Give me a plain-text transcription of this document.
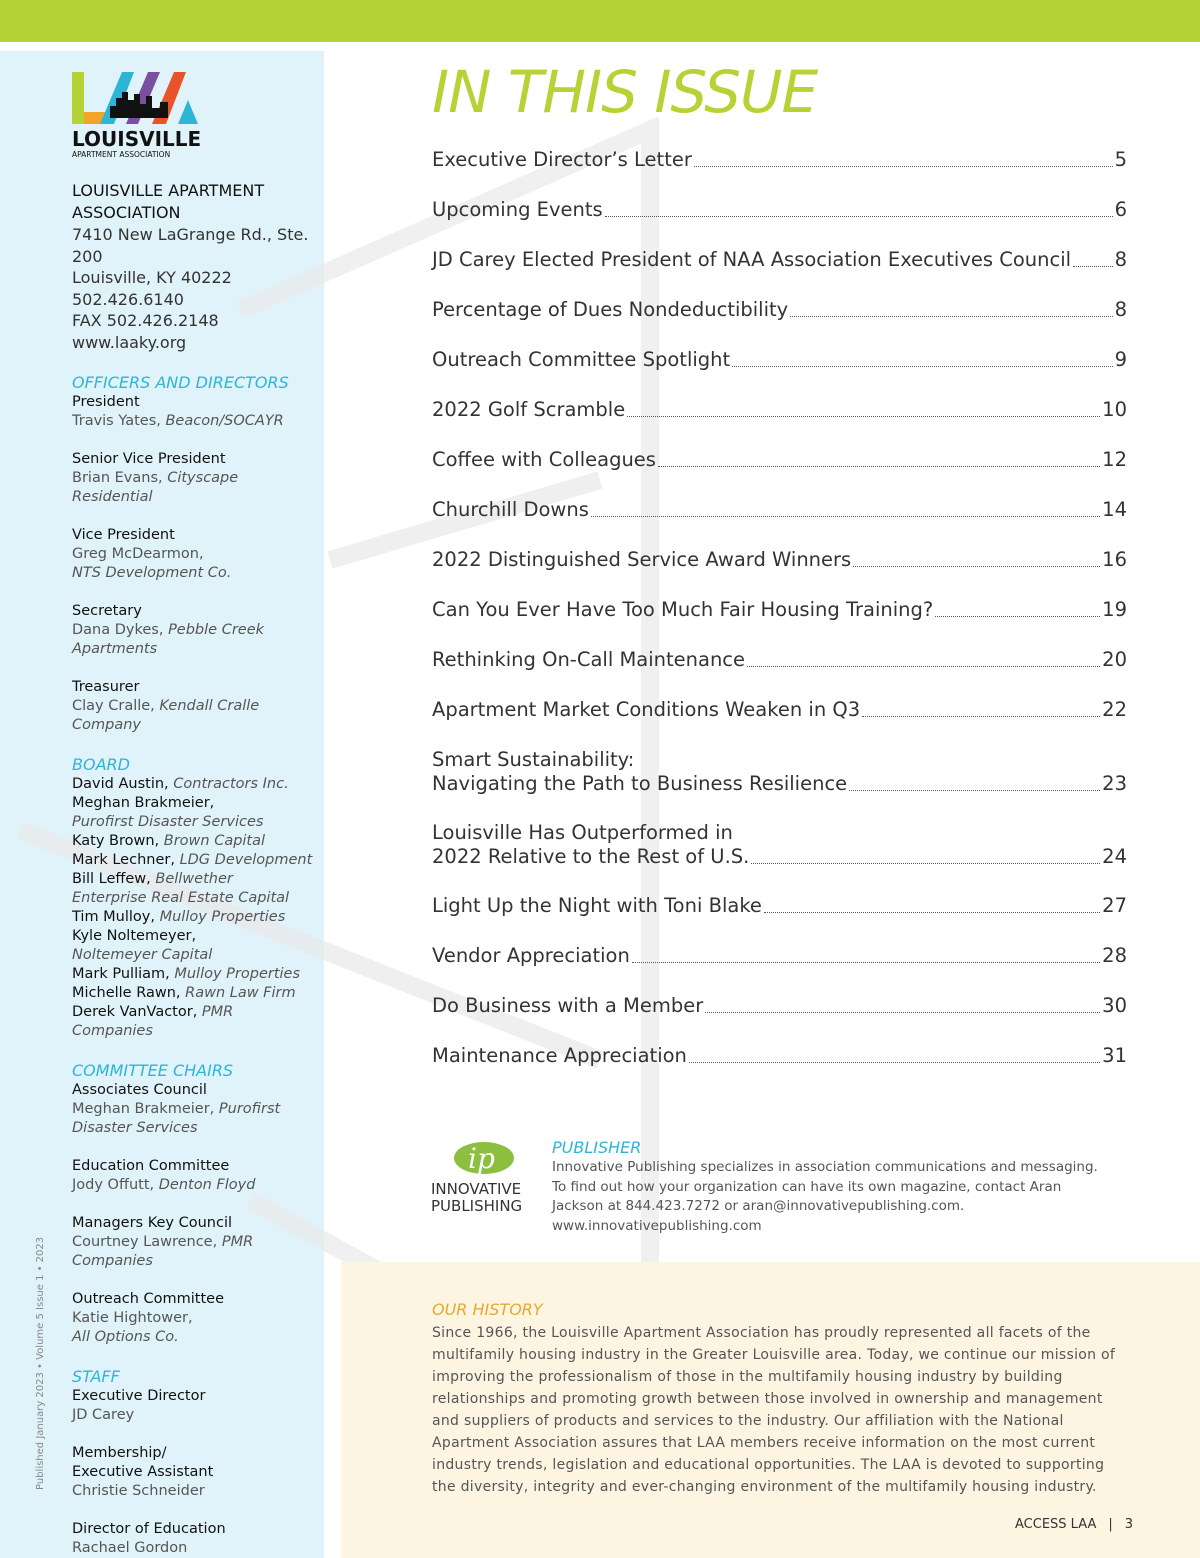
LOUISVILLE
APARTMENT ASSOCIATION
LOUISVILLE APARTMENT ASSOCIATION
7410 New LaGrange Rd., Ste. 200
Louisville, KY 40222
502.426.6140
FAX 502.426.2148
www.laaky.org
OFFICERS AND DIRECTORS
President
Travis Yates, Beacon/SOCAYR
Senior Vice President
Brian Evans, Cityscape Residential
Vice President
Greg McDearmon,
NTS Development Co.
Secretary
Dana Dykes, Pebble Creek Apartments
Treasurer
Clay Cralle, Kendall Cralle Company
BOARD
David Austin, Contractors Inc.
Meghan Brakmeier,
Purofirst Disaster Services
Katy Brown, Brown Capital
Mark Lechner, LDG Development
Bill Leffew, Bellwether
Enterprise Real Estate Capital
Tim Mulloy, Mulloy Properties
Kyle Noltemeyer,
Noltemeyer Capital
Mark Pulliam, Mulloy Properties
Michelle Rawn, Rawn Law Firm
Derek VanVactor, PMR Companies
COMMITTEE CHAIRS
Associates Council
Meghan Brakmeier, Purofirst
Disaster Services
Education Committee
Jody Offutt, Denton Floyd
Managers Key Council
Courtney Lawrence, PMR Companies
Outreach Committee
Katie Hightower,
All Options Co.
STAFF
Executive Director
JD Carey
Membership/
Executive Assistant
Christie Schneider
Director of Education
Rachael Gordon
Published January 2023 • Volume 5 Issue 1 • 2023
IN THIS ISSUE
Executive Director’s Letter	5
Upcoming Events	6
JD Carey Elected President of NAA Association Executives Council 8
Percentage of Dues Nondeductibility	8
Outreach Committee Spotlight	9
2022 Golf Scramble	10
Coffee with Colleagues	12
Churchill Downs	14
2022 Distinguished Service Award Winners	16
Can You Ever Have Too Much Fair Housing Training?	19
Rethinking On-Call Maintenance	20
Apartment Market Conditions Weaken in Q3	22
Smart Sustainability:
Navigating the Path to Business Resilience	23
Louisville Has Outperformed in
2022 Relative to the Rest of U.S.	24
Light Up the Night with Toni Blake	27
Vendor Appreciation	28
Do Business with a Member	30
Maintenance Appreciation	31
ip
INNOVATIVE
PUBLISHING
PUBLISHER
Innovative Publishing specializes in association communications and messaging. To find out how your organization can have its own magazine, contact Aran Jackson at 844.423.7272 or aran@innovativepublishing.com. www.innovativepublishing.com
OUR HISTORY
Since 1966, the Louisville Apartment Association has proudly represented all facets of the multifamily housing industry in the Greater Louisville area. Today, we continue our mission of improving the professionalism of those in the multifamily housing industry by building relationships and promoting growth between those involved in ownership and management and suppliers of products and services to the industry. Our affiliation with the National Apartment Association assures that LAA members receive information on the most current industry trends, legislation and educational opportunities. The LAA is devoted to supporting the diversity, integrity and ever-changing environment of the multifamily housing industry.
ACCESS LAA | 3
